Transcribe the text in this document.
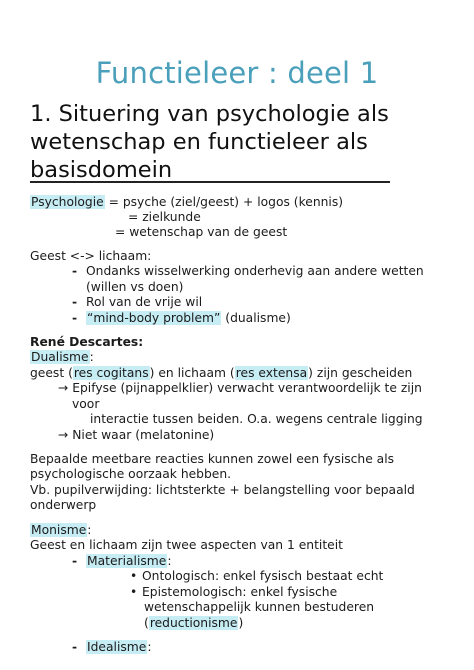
Functieleer : deel 1
1. Situering van psychologie als
wetenschap en functieleer als
basisdomein
Psychologie = psyche (ziel/geest) + logos (kennis)
= zielkunde
= wetenschap van de geest
Geest <-> lichaam:
- Ondanks wisselwerking onderhevig aan andere wetten
(willen vs doen)
- Rol van de vrije wil
- “mind-body problem” (dualisme)
René Descartes:
Dualisme:
geest (res cogitans) en lichaam (res extensa) zijn gescheiden
→ Epifyse (pijnappelklier) verwacht verantwoordelijk te zijn
voor
interactie tussen beiden. O.a. wegens centrale ligging
→ Niet waar (melatonine)
Bepaalde meetbare reacties kunnen zowel een fysische als
psychologische oorzaak hebben.
Vb. pupilverwijding: lichtsterkte + belangstelling voor bepaald
onderwerp
Monisme:
Geest en lichaam zijn twee aspecten van 1 entiteit
- Materialisme:
• Ontologisch: enkel fysisch bestaat echt
• Epistemologisch: enkel fysische
wetenschappelijk kunnen bestuderen
(reductionisme)
- Idealisme:
